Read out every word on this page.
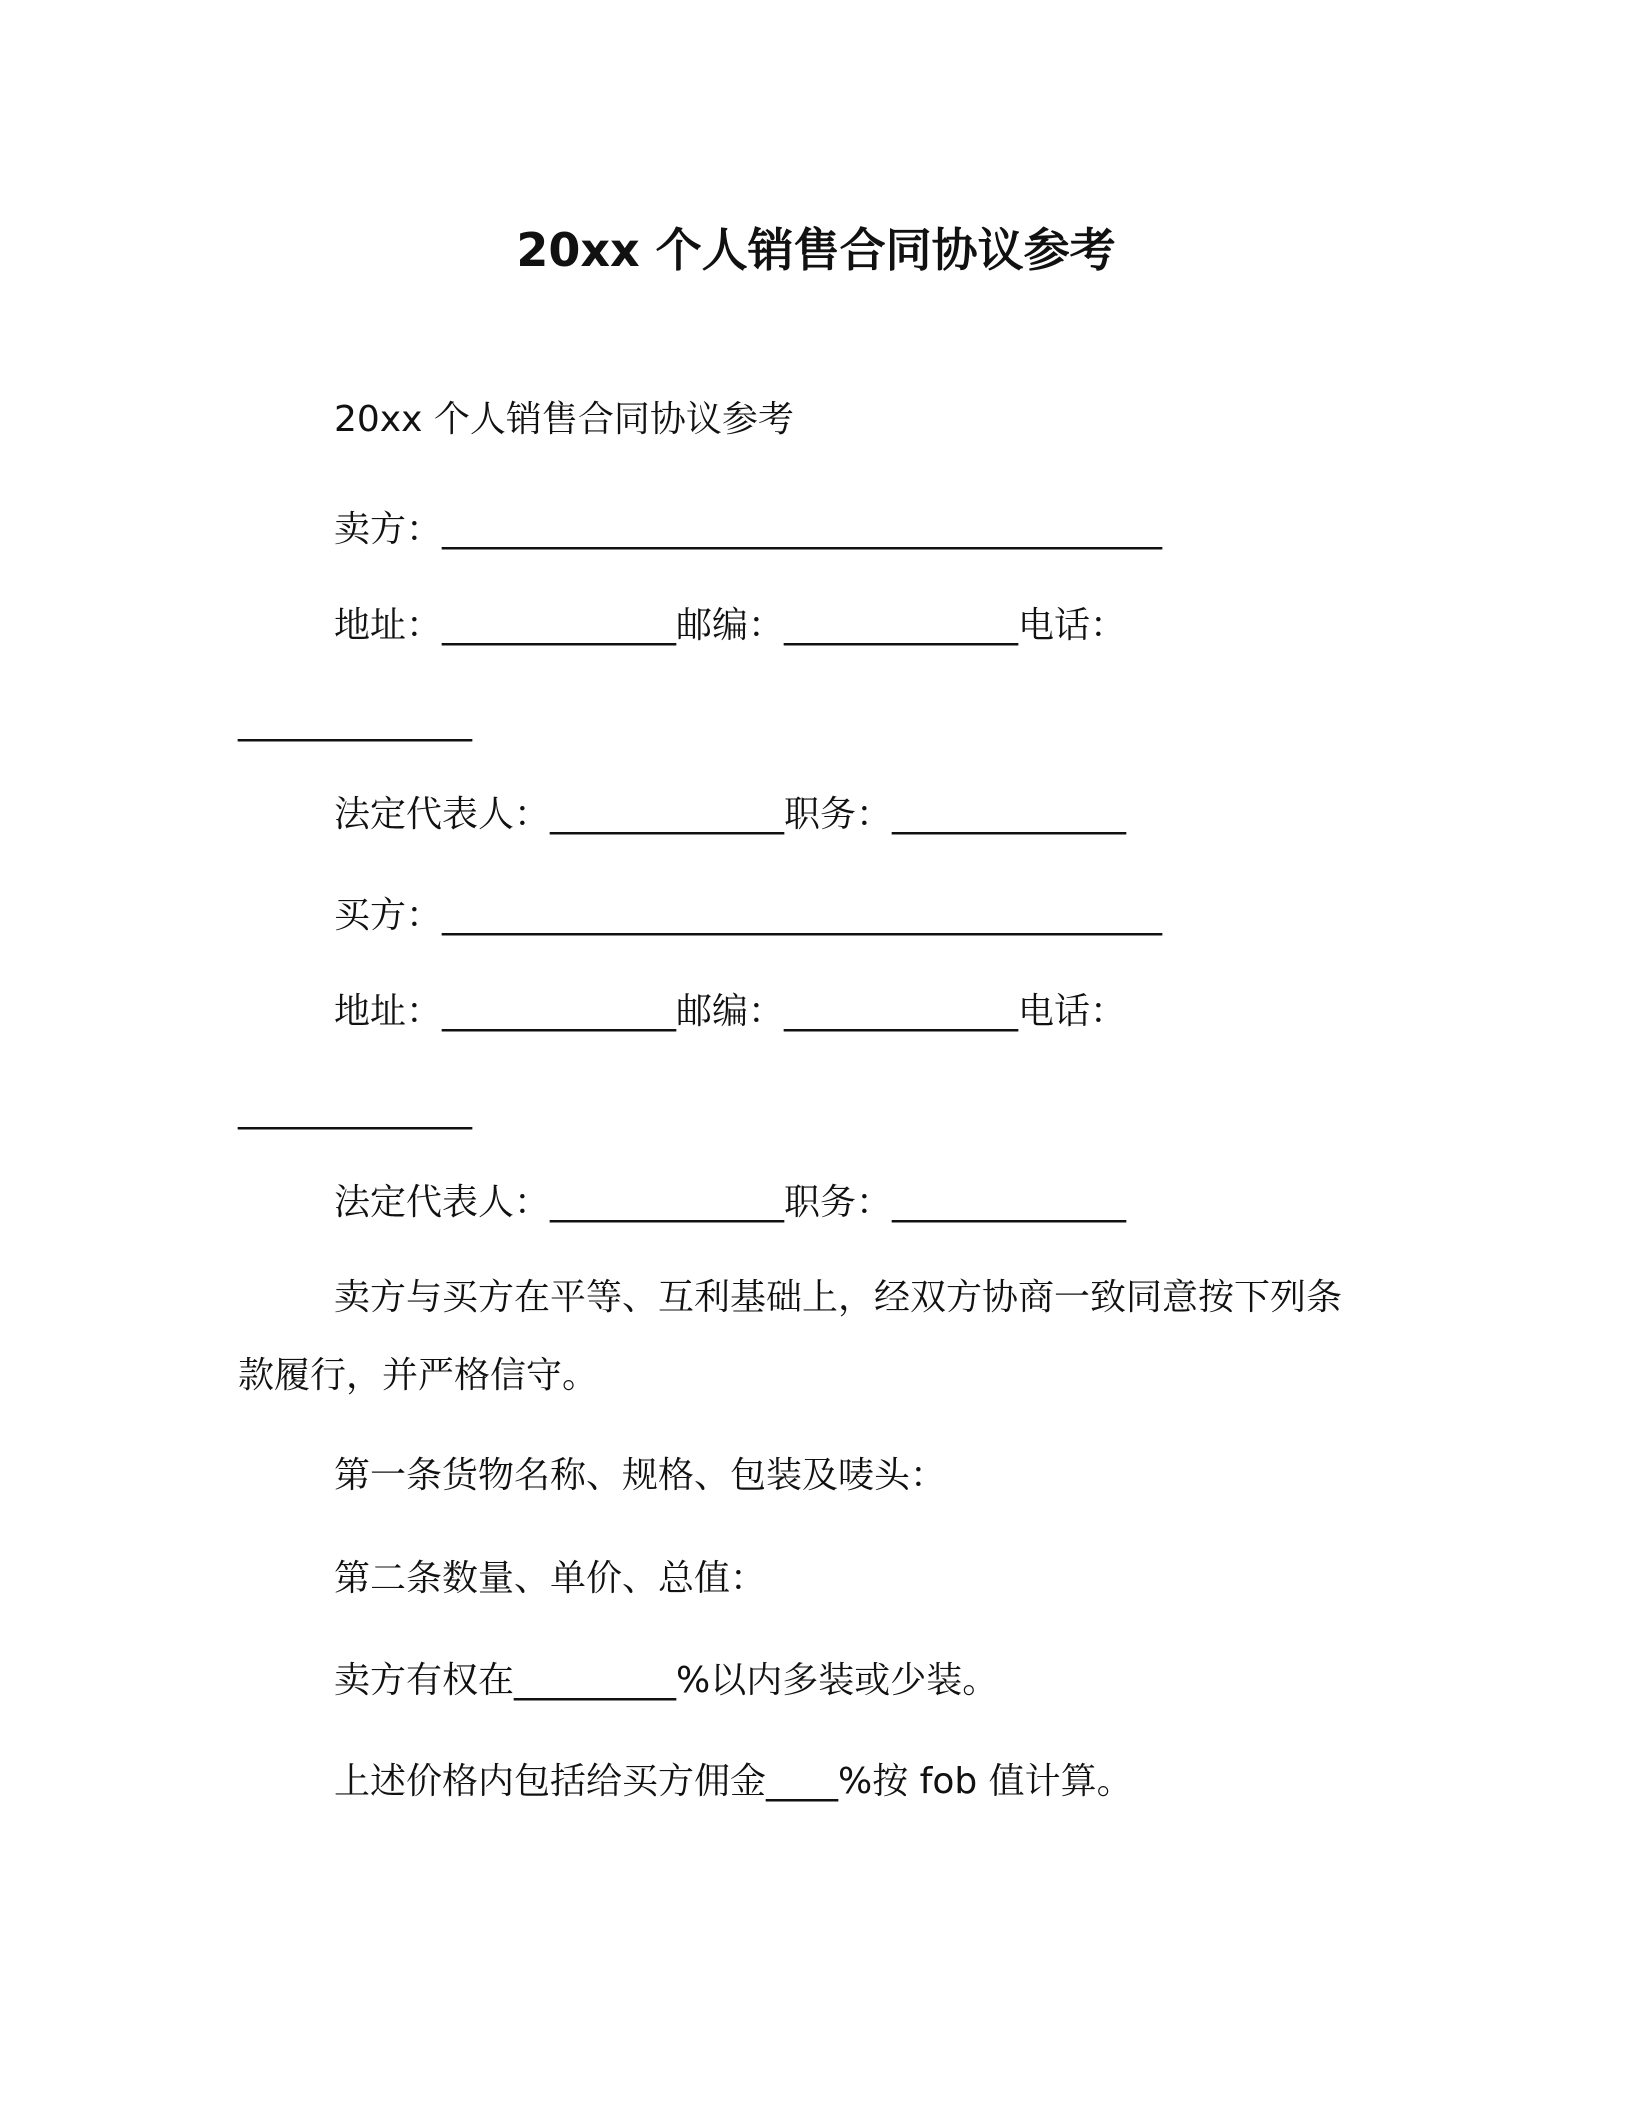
20xx 个人销售合同协议参考
20xx 个人销售合同协议参考
卖方：________________________________________
地址：_____________邮编：_____________电话：
_____________
法定代表人：_____________职务：_____________
买方：________________________________________
地址：_____________邮编：_____________电话：
_____________
法定代表人：_____________职务：_____________
卖方与买方在平等、互利基础上，经双方协商一致同意按下列条
款履行，并严格信守。
第一条货物名称、规格、包装及唛头：
第二条数量、单价、总值：
卖方有权在_________%以内多装或少装。
上述价格内包括给买方佣金____%按 fob 值计算。
